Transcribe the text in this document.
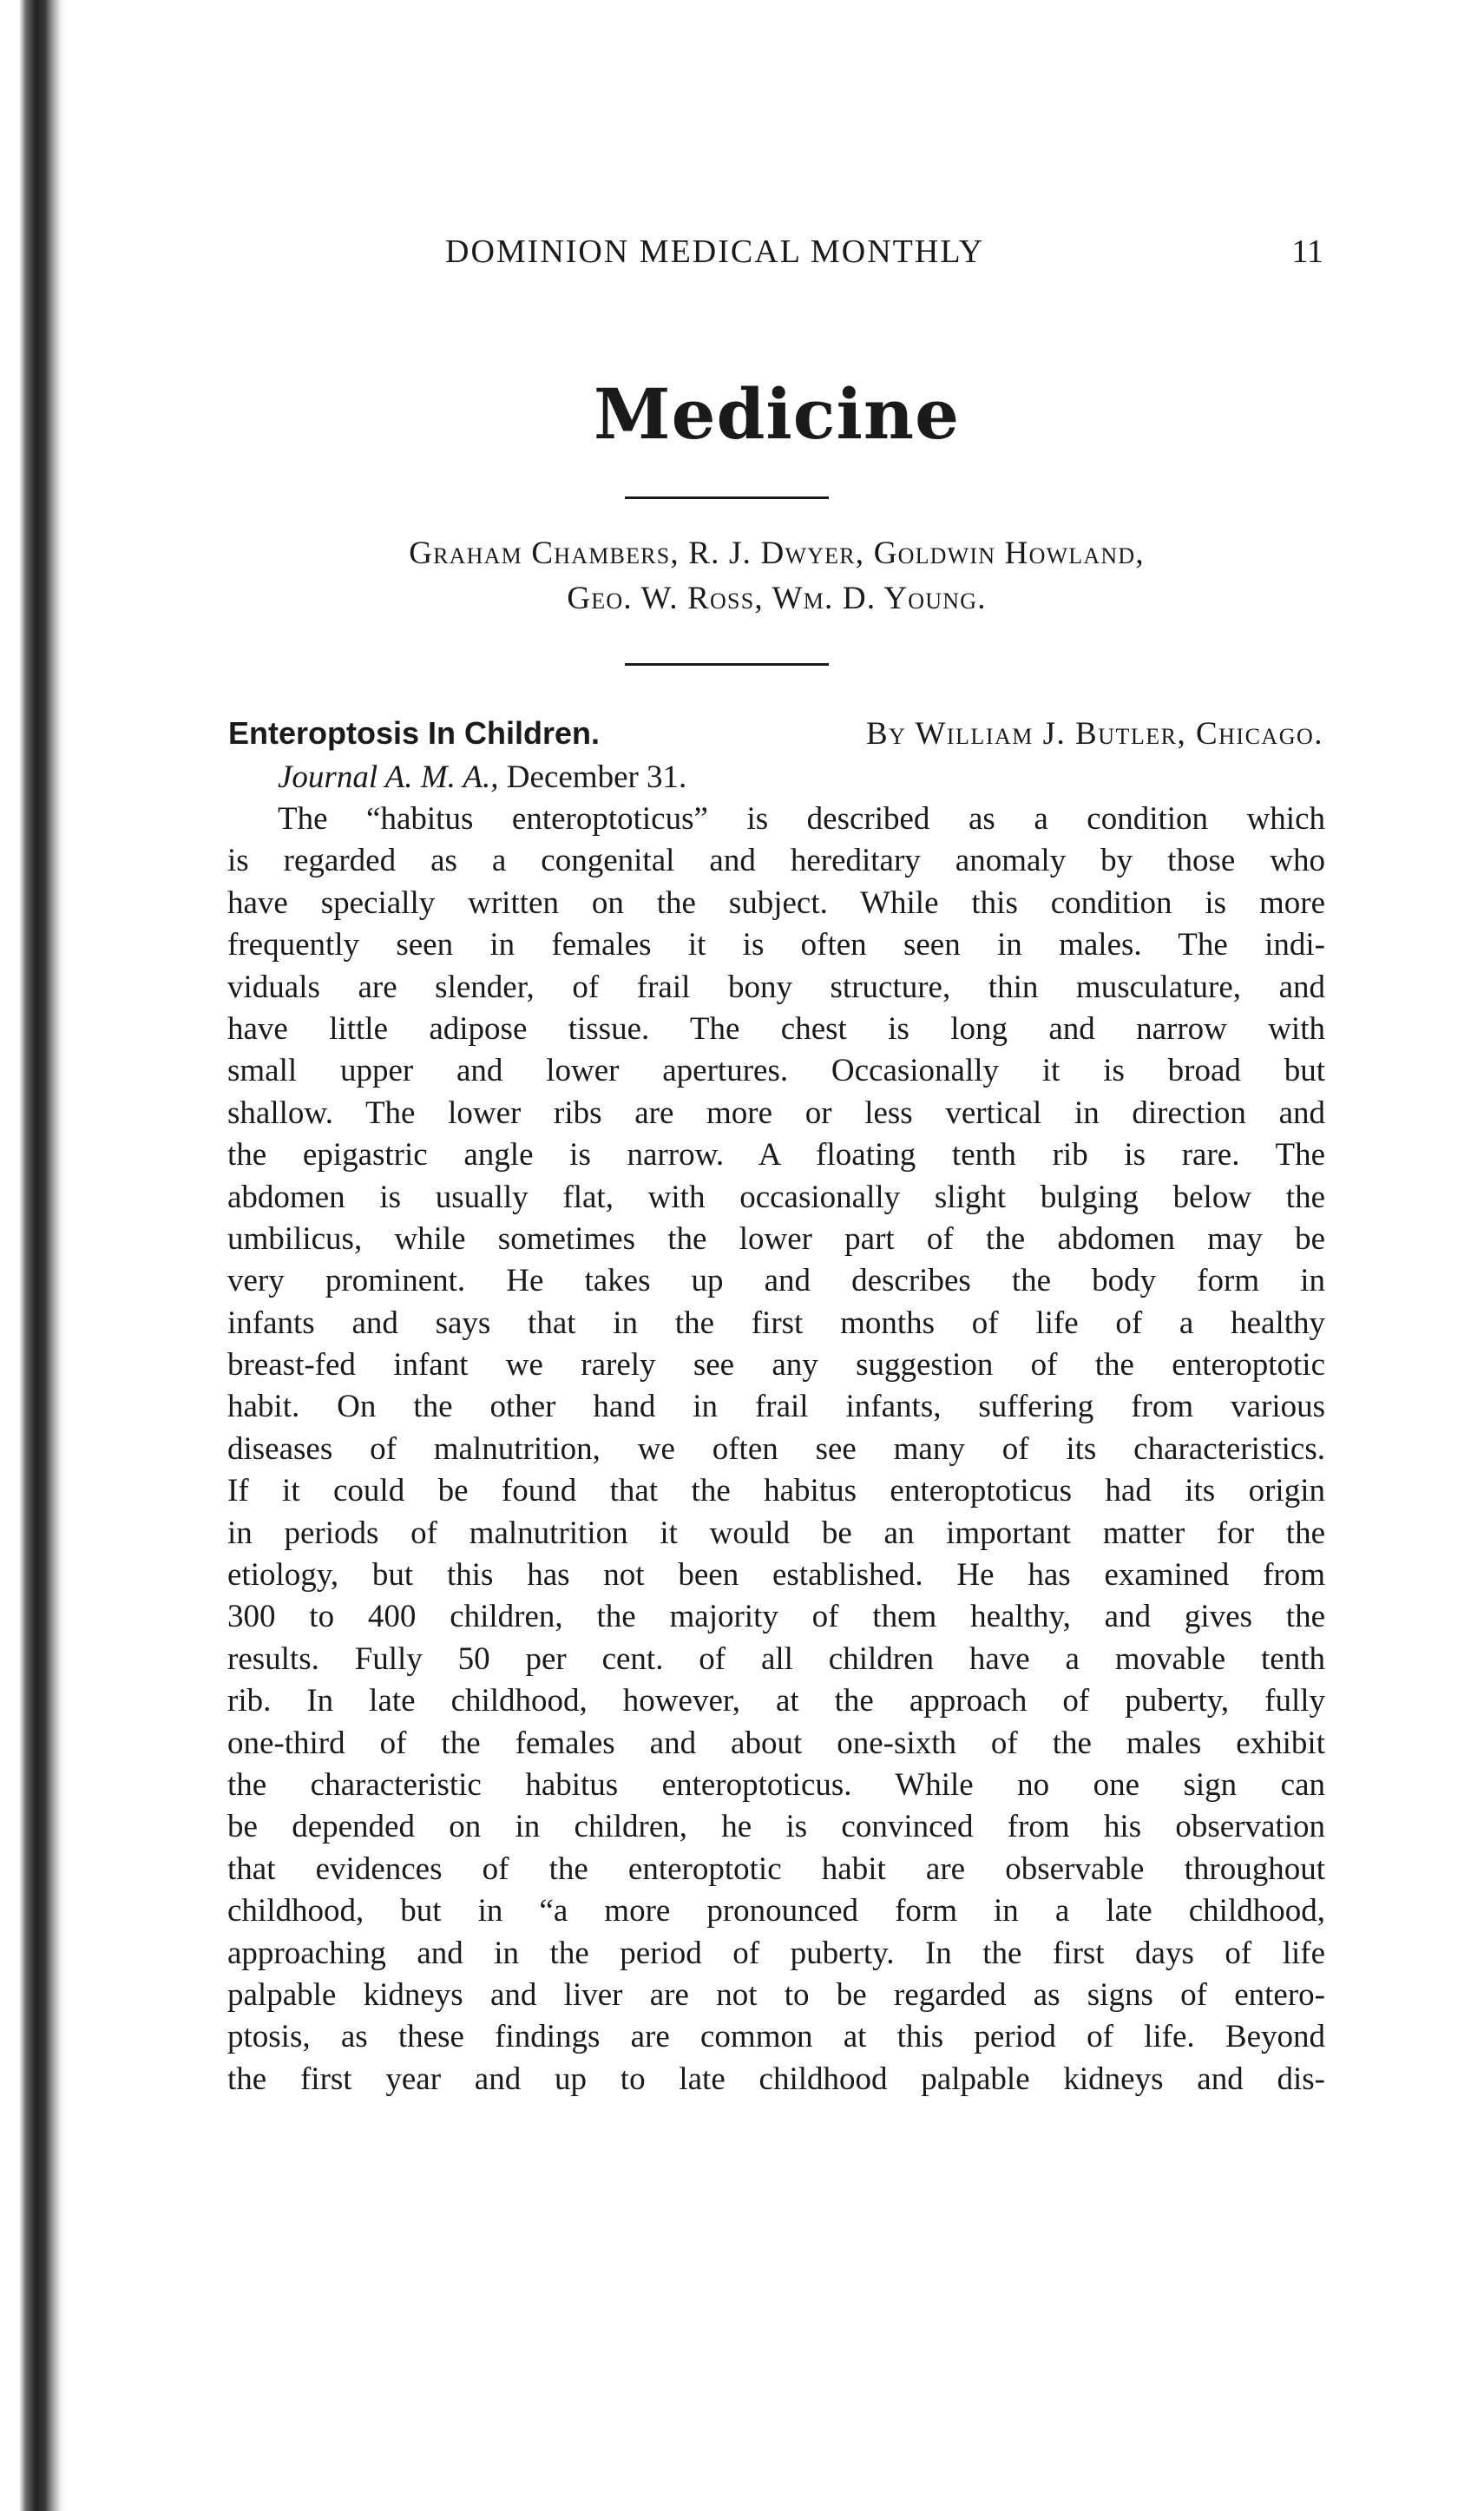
DOMINION MEDICAL MONTHLY	11
Medicine
Graham Chambers, R. J. Dwyer, Goldwin Howland,
Geo. W. Ross, Wm. D. Young.
Enteroptosis In Children.	By William J. Butler, Chicago.
Journal A. M. A., December 31.
The “habitus enteroptoticus” is described as a condition which
is regarded as a congenital and hereditary anomaly by those who
have specially written on the subject. While this condition is more
frequently seen in females it is often seen in males. The indi-
viduals are slender, of frail bony structure, thin musculature, and
have little adipose tissue. The chest is long and narrow with
small upper and lower apertures. Occasionally it is broad but
shallow. The lower ribs are more or less vertical in direction and
the epigastric angle is narrow. A floating tenth rib is rare. The
abdomen is usually flat, with occasionally slight bulging below the
umbilicus, while sometimes the lower part of the abdomen may be
very prominent. He takes up and describes the body form in
infants and says that in the first months of life of a healthy
breast-fed infant we rarely see any suggestion of the enteroptotic
habit. On the other hand in frail infants, suffering from various
diseases of malnutrition, we often see many of its characteristics.
If it could be found that the habitus enteroptoticus had its origin
in periods of malnutrition it would be an important matter for the
etiology, but this has not been established. He has examined from
300 to 400 children, the majority of them healthy, and gives the
results. Fully 50 per cent. of all children have a movable tenth
rib. In late childhood, however, at the approach of puberty, fully
one-third of the females and about one-sixth of the males exhibit
the characteristic habitus enteroptoticus. While no one sign can
be depended on in children, he is convinced from his observation
that evidences of the enteroptotic habit are observable throughout
childhood, but in “a more pronounced form in a late childhood,
approaching and in the period of puberty. In the first days of life
palpable kidneys and liver are not to be regarded as signs of entero-
ptosis, as these findings are common at this period of life. Beyond
the first year and up to late childhood palpable kidneys and dis-
